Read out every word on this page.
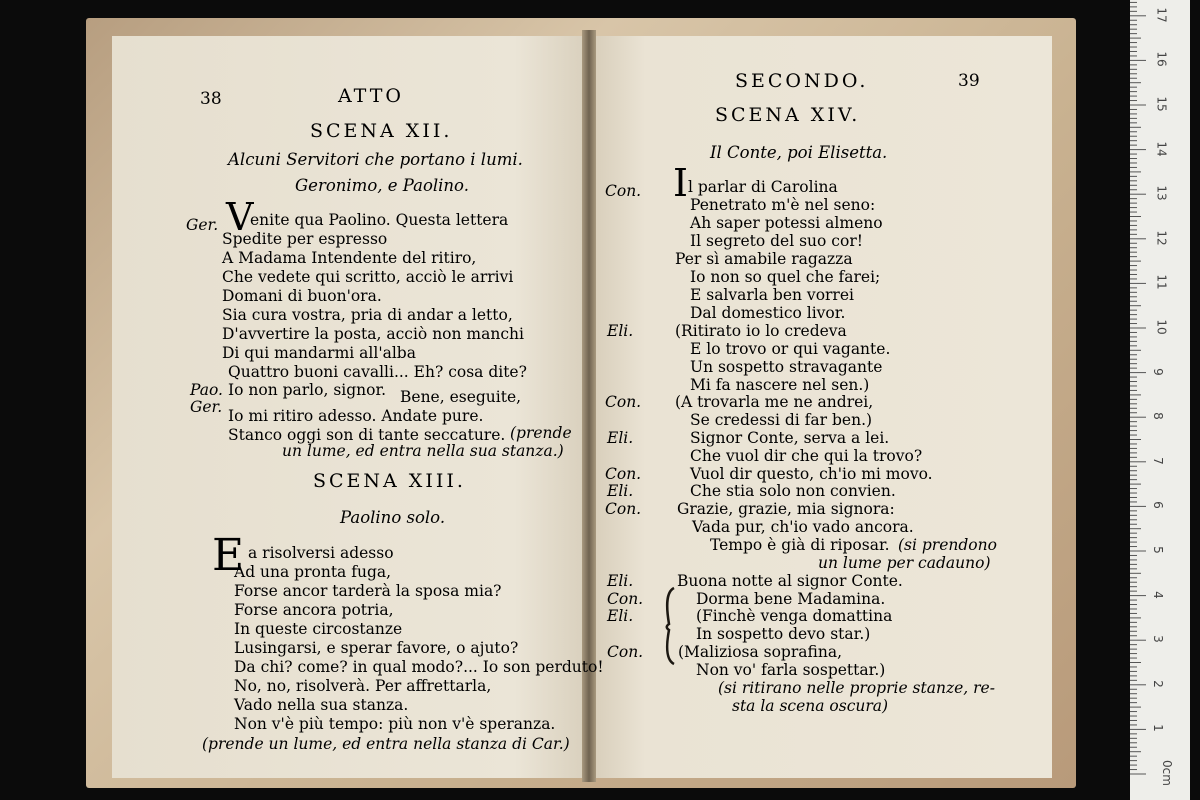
38	ATTO
SCENA XII.
Alcuni Servitori che portano i lumi.
Geronimo, e Paolino.
Ger. V
enite qua Paolino. Questa lettera
Spedite per espresso
A Madama Intendente del ritiro,
Che vedete qui scritto, acciò le arrivi
Domani di buon'ora.
Sia cura vostra, pria di andar a letto,
D'avvertire la posta, acciò non manchi
Di qui mandarmi all'alba
Quattro buoni cavalli... Eh? cosa dite?
Pao. Io non parlo, signor.
Ger.
Bene, eseguite,
Io mi ritiro adesso. Andate pure.
Stanco oggi son di tante seccature. (prende
un lume, ed entra nella sua stanza.)
SCENA XIII.
Paolino solo.
E a risolversi adesso
Ad una pronta fuga,
Forse ancor tarderà la sposa mia?
Forse ancora potria,
In queste circostanze
Lusingarsi, e sperar favore, o ajuto?
Da chi? come? in qual modo?... Io son perduto!
No, no, risolverà. Per affrettarla,
Vado nella sua stanza.
Non v'è più tempo: più non v'è speranza.
(prende un lume, ed entra nella stanza di Car.)
SECONDO.	39
SCENA XIV.
Il Conte, poi Elisetta.
Con. I l parlar di Carolina
Penetrato m'è nel seno:
Ah saper potessi almeno
Il segreto del suo cor!
Per sì amabile ragazza
Io non so quel che farei;
E salvarla ben vorrei
Dal domestico livor.
Eli.	(Ritirato io lo credeva
E lo trovo or qui vagante.
Un sospetto stravagante
Mi fa nascere nel sen.)
Con. (A trovarla me ne andrei,
Se credessi di far ben.)
Eli.	Signor Conte, serva a lei.
Che vuol dir che qui la trovo?
Con.	Vuol dir questo, ch'io mi movo.
Eli.	Che stia solo non convien.
Con. Grazie, grazie, mia signora:
Vada pur, ch'io vado ancora.
Tempo è già di riposar. (si prendono
un lume per cadauno)
Eli.	Buona notte al signor Conte.
Con.	Dorma bene Madamina.
Eli.	(Finchè venga domattina
In sospetto devo star.)
Con. (Maliziosa soprafina,
Non vo' farla sospettar.)
(si ritirano nelle proprie stanze, re-
sta la scena oscura)
0cm
1
2
3
4
5
6
7
8
9
10
11
12
13
14
15
16
17
